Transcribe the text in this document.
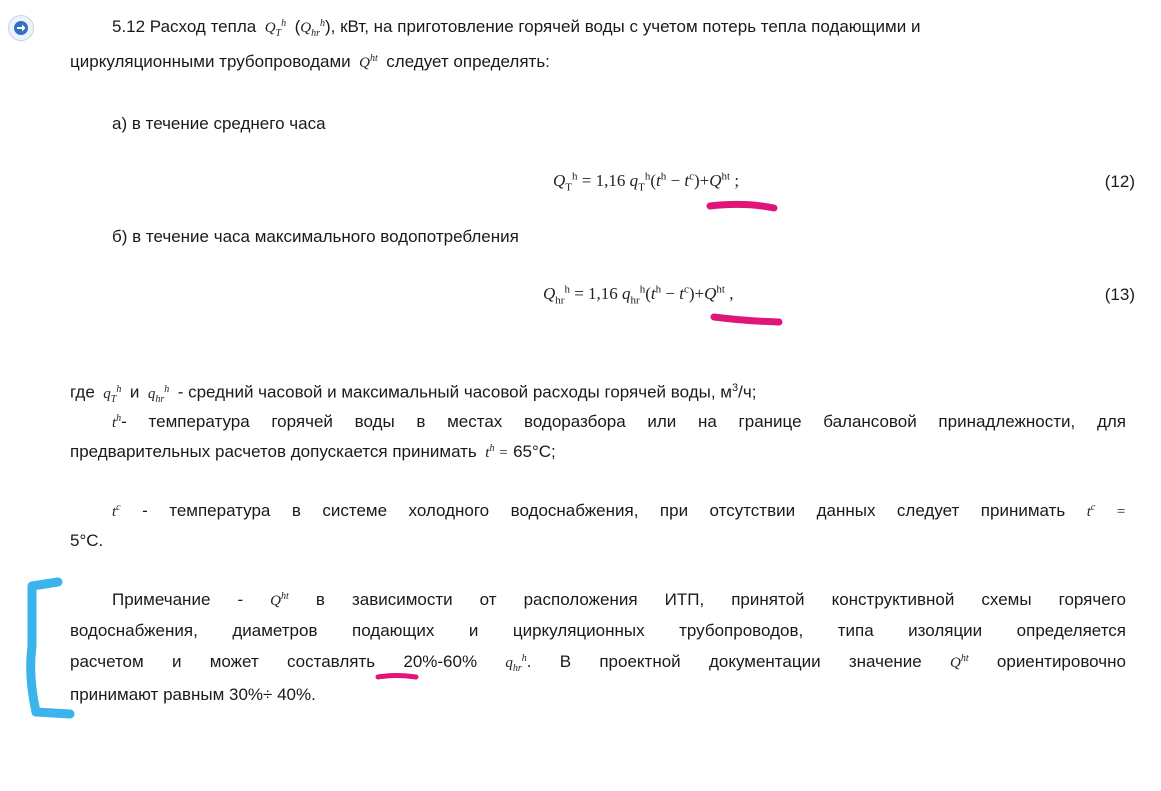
5.12 Расход тепла  $Q_T^h$ $(Q_{hr}^h)$, кВт, на приготовление горячей воды с учетом потерь тепла подающими и
циркуляционными трубопроводами  $Q^{ht}$ следует определять:
а) в течение среднего часа
$Q_T^h = 1,16$ $q_T^h(t^h - t^c)+Q^{ht}$ ;	(12)
б) в течение часа максимального водопотребления
$Q_{hr}^h = 1,16$ $q_{hr}^h(t^h - t^c)+Q^{ht}$ ,	(13)
где  $q_T^h$ и  $q_{hr}^h$ - средний часовой и максимальный часовой расходы горячей воды, $м^3/ч$;
$t^h-$ температура горячей воды в местах водоразбора или на границе балансовой принадлежности, для
предварительных расчетов допускается принимать  $t^h = 65^\circ С$;
$t^c$ - температура в системе холодного водоснабжения, при отсутствии данных следует принимать $t^c$ =
5°С.
Примечание - $Q^{ht}$ в зависимости от расположения ИТП, принятой конструктивной схемы горячего
водоснабжения, диаметров подающих и циркуляционных трубопроводов, типа изоляции определяется
расчетом и может составлять 20%-60% $q_{hr}^h$. В проектной документации значение $Q^{ht}$ ориентировочно
принимают равным 30%÷ 40%.
